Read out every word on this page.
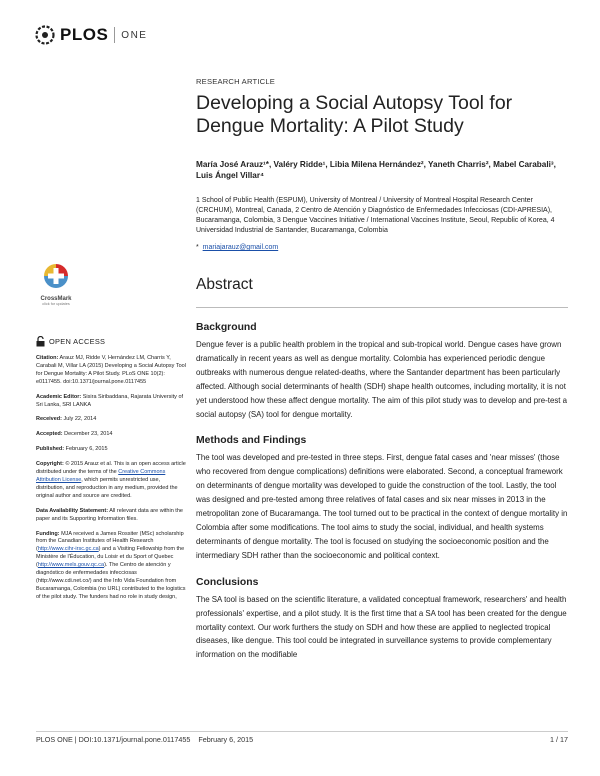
PLOS ONE
RESEARCH ARTICLE
Developing a Social Autopsy Tool for Dengue Mortality: A Pilot Study
María José Arauz¹*, Valéry Ridde¹, Libia Milena Hernández², Yaneth Charris², Mabel Carabali³, Luis Ángel Villar⁴
1 School of Public Health (ESPUM), University of Montreal / University of Montreal Hospital Research Center (CRCHUM), Montreal, Canada, 2 Centro de Atención y Diagnóstico de Enfermedades Infecciosas (CDI-APRESIA), Bucaramanga, Colombia, 3 Dengue Vaccines Initiative / International Vaccines Institute, Seoul, Republic of Korea, 4 Universidad Industrial de Santander, Bucaramanga, Colombia
* mariajarauz@gmail.com
CrossMark
click for updates
Abstract
OPEN ACCESS
Citation: Arauz MJ, Ridde V, Hernández LM, Charris Y, Carabali M, Villar LA (2015) Developing a Social Autopsy Tool for Dengue Mortality: A Pilot Study. PLoS ONE 10(2): e0117455. doi:10.1371/journal.pone.0117455
Academic Editor: Sisira Siribaddana, Rajarata University of Sri Lanka, SRI LANKA
Received: July 22, 2014
Accepted: December 23, 2014
Published: February 6, 2015
Copyright: © 2015 Arauz et al. This is an open access article distributed under the terms of the Creative Commons Attribution License, which permits unrestricted use, distribution, and reproduction in any medium, provided the original author and source are credited.
Data Availability Statement: All relevant data are within the paper and its Supporting Information files.
Funding: MJA received a James Rossiter (MSc) scholarship from the Canadian Institutes of Health Research (http://www.cihr-irsc.gc.ca) and a Visiting Fellowship from the Ministère de l'Éducation, du Loisir et du Sport of Quebec (http://www.mels.gouv.qc.ca). The Centro de atención y diagnóstico de enfermedades infecciosas (http://www.cdi.net.co/) and the Info Vida Foundation from Bucaramanga, Colombia (no URL) contributed to the logistics of the pilot study. The funders had no role in study design,
Background

Dengue fever is a public health problem in the tropical and sub-tropical world. Dengue cases have grown dramatically in recent years as well as dengue mortality. Colombia has experienced periodic dengue outbreaks with numerous dengue related-deaths, where the Santander department has been particularly affected. Although social determinants of health (SDH) shape health outcomes, including mortality, it is not yet understood how these affect dengue mortality. The aim of this pilot study was to develop and pre-test a social autopsy (SA) tool for dengue mortality.

Methods and Findings

The tool was developed and pre-tested in three steps. First, dengue fatal cases and 'near misses' (those who recovered from dengue complications) definitions were elaborated. Second, a conceptual framework on determinants of dengue mortality was developed to guide the construction of the tool. Lastly, the tool was designed and pre-tested among three relatives of fatal cases and six near misses in 2013 in the metropolitan zone of Bucaramanga. The tool turned out to be practical in the context of dengue mortality in Colombia after some modifications. The tool aims to study the social, individual, and health systems determinants of dengue mortality. The tool is focused on studying the socioeconomic position and the intermediary SDH rather than the socioeconomic and political context.

Conclusions

The SA tool is based on the scientific literature, a validated conceptual framework, researchers' and health professionals' expertise, and a pilot study. It is the first time that a SA tool has been created for the dengue mortality context. Our work furthers the study on SDH and how these are applied to neglected tropical diseases, like dengue. This tool could be integrated in surveillance systems to provide complementary information on the modifiable

PLOS ONE | DOI:10.1371/journal.pone.0117455    February 6, 2015	1 / 17
